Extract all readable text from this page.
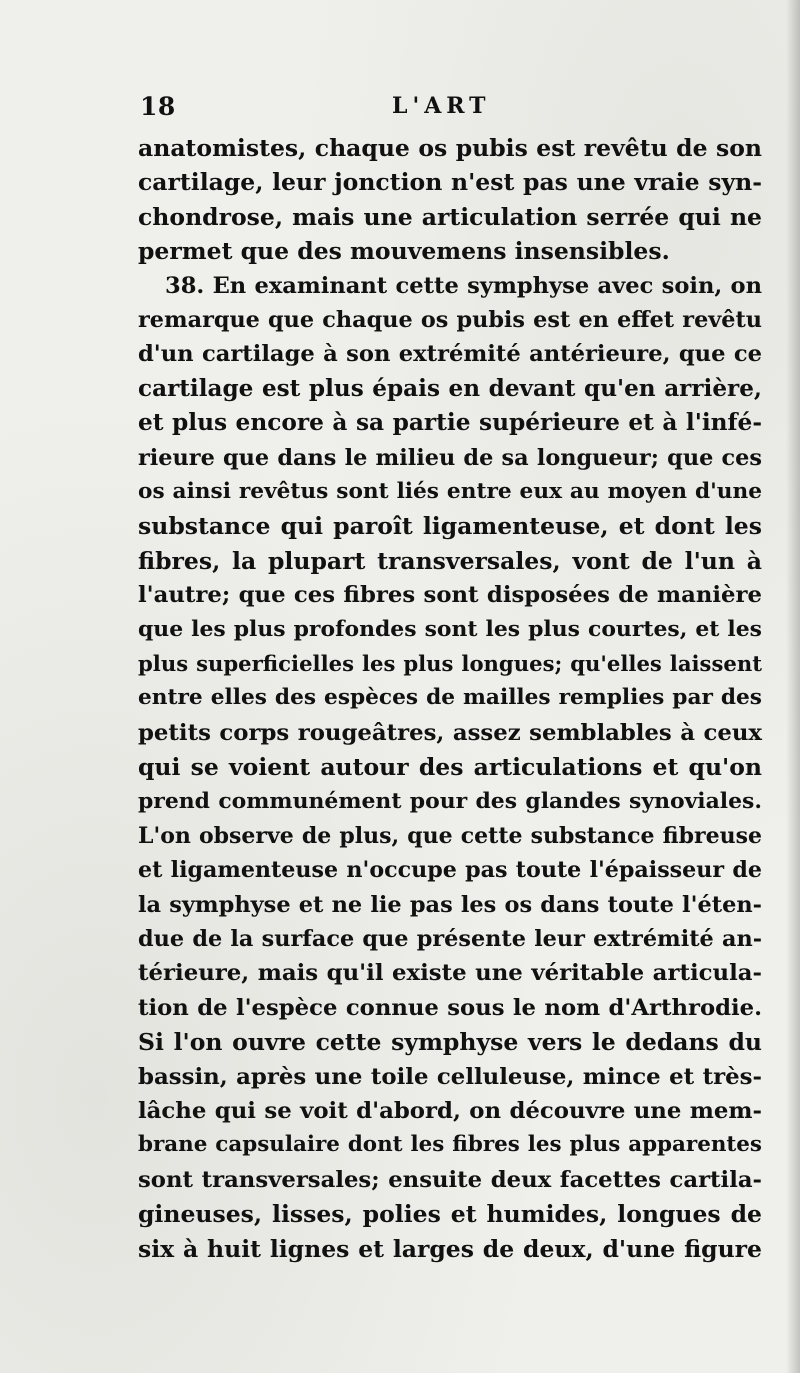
18	L'ART
anatomistes, chaque os pubis est revêtu de son
cartilage, leur jonction n'est pas une vraie syn-
chondrose, mais une articulation serrée qui ne
permet que des mouvemens insensibles.
38. En examinant cette symphyse avec soin, on
remarque que chaque os pubis est en effet revêtu
d'un cartilage à son extrémité antérieure, que ce
cartilage est plus épais en devant qu'en arrière,
et plus encore à sa partie supérieure et à l'infé-
rieure que dans le milieu de sa longueur; que ces
os ainsi revêtus sont liés entre eux au moyen d'une
substance qui paroît ligamenteuse, et dont les
fibres, la plupart transversales, vont de l'un à
l'autre; que ces fibres sont disposées de manière
que les plus profondes sont les plus courtes, et les
plus superficielles les plus longues; qu'elles laissent
entre elles des espèces de mailles remplies par des
petits corps rougeâtres, assez semblables à ceux
qui se voient autour des articulations et qu'on
prend communément pour des glandes synoviales.
L'on observe de plus, que cette substance fibreuse
et ligamenteuse n'occupe pas toute l'épaisseur de
la symphyse et ne lie pas les os dans toute l'éten-
due de la surface que présente leur extrémité an-
térieure, mais qu'il existe une véritable articula-
tion de l'espèce connue sous le nom d'Arthrodie.
Si l'on ouvre cette symphyse vers le dedans du
bassin, après une toile celluleuse, mince et très-
lâche qui se voit d'abord, on découvre une mem-
brane capsulaire dont les fibres les plus apparentes
sont transversales; ensuite deux facettes cartila-
gineuses, lisses, polies et humides, longues de
six à huit lignes et larges de deux, d'une figure
